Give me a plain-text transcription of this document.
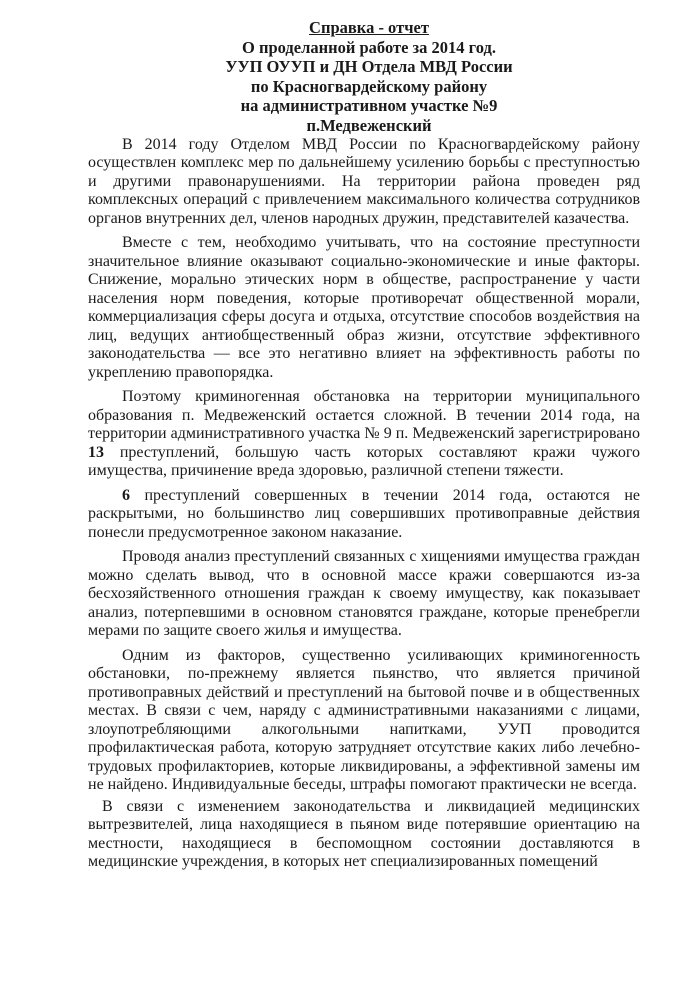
Справка - отчет
О проделанной работе за 2014 год.
УУП ОУУП и ДН Отдела МВД России
по Красногвардейскому району
на административном участке №9
п.Медвеженский

В 2014 году Отделом МВД России по Красногвардейскому району осуществлен комплекс мер по дальнейшему усилению борьбы с преступностью и другими правонарушениями. На территории района проведен ряд комплексных операций с привлечением максимального количества сотрудников органов внутренних дел, членов народных дружин, представителей казачества.

Вместе с тем, необходимо учитывать, что на состояние преступности значительное влияние оказывают социально-экономические и иные факторы. Снижение, морально этических норм в обществе, распространение у части населения норм поведения, которые противоречат общественной морали, коммерциализация сферы досуга и отдыха, отсутствие способов воздействия на лиц, ведущих антиобщественный образ жизни, отсутствие эффективного законодательства — все это негативно влияет на эффективность работы по укреплению правопорядка.

Поэтому криминогенная обстановка на территории муниципального образования п. Медвеженский остается сложной. В течении 2014 года, на территории административного участка № 9 п. Медвеженский зарегистрировано 13 преступлений, большую часть которых составляют кражи чужого имущества, причинение вреда здоровью, различной степени тяжести.

6 преступлений совершенных в течении 2014 года, остаются не раскрытыми, но большинство лиц совершивших противоправные действия понесли предусмотренное законом наказание.

Проводя анализ преступлений связанных с хищениями имущества граждан можно сделать вывод, что в основной массе кражи совершаются из-за бесхозяйственного отношения граждан к своему имуществу, как показывает анализ, потерпевшими в основном становятся граждане, которые пренебрегли мерами по защите своего жилья и имущества.

Одним из факторов, существенно усиливающих криминогенность обстановки, по-прежнему является пьянство, что является причиной противоправных действий и преступлений на бытовой почве и в общественных местах. В связи с чем, наряду с административными наказаниями с лицами, злоупотребляющими алкогольными напитками, УУП проводится профилактическая работа, которую затрудняет отсутствие каких либо лечебно-трудовых профилакториев, которые ликвидированы, а эффективной замены им не найдено. Индивидуальные беседы, штрафы помогают практически не всегда.

В связи с изменением законодательства и ликвидацией медицинских вытрезвителей, лица находящиеся в пьяном виде потерявшие ориентацию на местности, находящиеся в беспомощном состоянии доставляются в медицинские учреждения, в которых нет специализированных помещений
